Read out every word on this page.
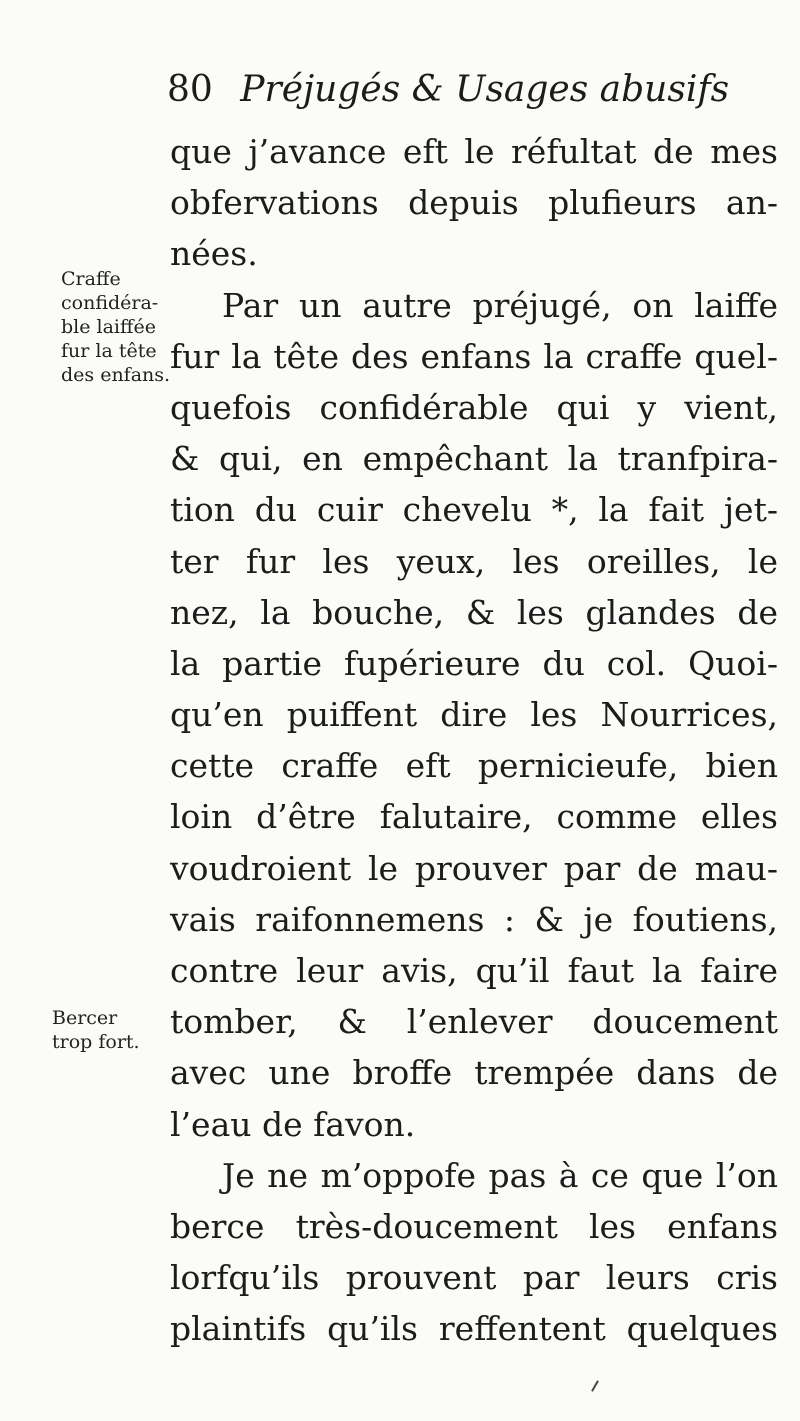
80 Préjugés & Usages abusifs
Craffe
confidéra-
ble laiffée
fur la tête
des enfans.
Bercer
trop fort.
que j’avance eft le réfultat de mes
obfervations depuis plufieurs an-
nées.
Par un autre préjugé, on laiffe
fur la tête des enfans la craffe quel-
quefois confidérable qui y vient,
& qui, en empêchant la tranfpira-
tion du cuir chevelu *, la fait jet-
ter fur les yeux, les oreilles, le
nez, la bouche, & les glandes de
la partie fupérieure du col. Quoi-
qu’en puiffent dire les Nourrices,
cette craffe eft pernicieufe, bien
loin d’être falutaire, comme elles
voudroient le prouver par de mau-
vais raifonnemens : & je foutiens,
contre leur avis, qu’il faut la faire
tomber, & l’enlever doucement
avec une broffe trempée dans de
l’eau de favon.
Je ne m’oppofe pas à ce que l’on
berce très-doucement les enfans
lorfqu’ils prouvent par leurs cris
plaintifs qu’ils reffentent quelques
